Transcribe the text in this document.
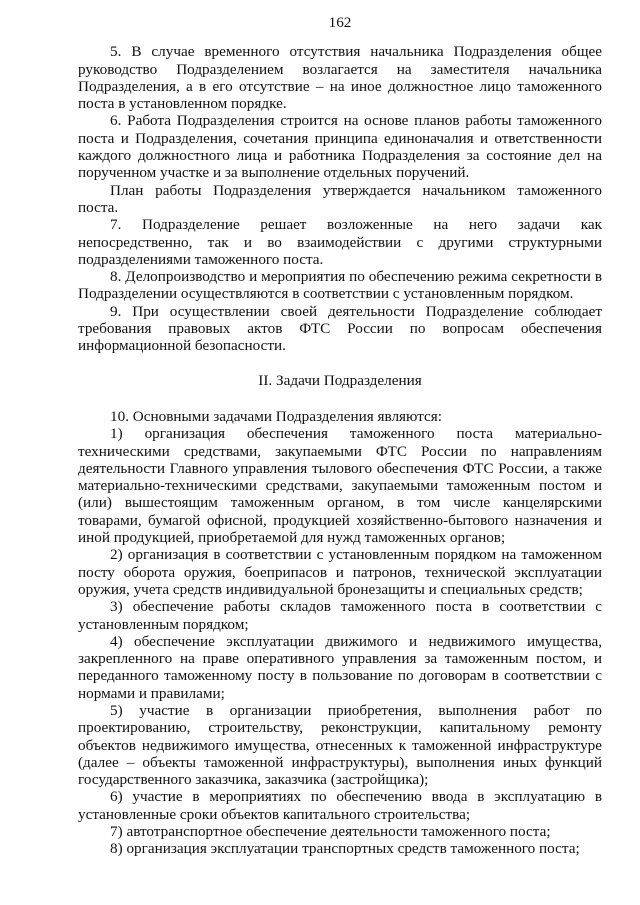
162

5. В случае временного отсутствия начальника Подразделения общее руководство Подразделением возлагается на заместителя начальника Подразделения, а в его отсутствие – на иное должностное лицо таможенного поста в установленном порядке.

6. Работа Подразделения строится на основе планов работы таможенного поста и Подразделения, сочетания принципа единоначалия и ответственности каждого должностного лица и работника Подразделения за состояние дел на порученном участке и за выполнение отдельных поручений.

План работы Подразделения утверждается начальником таможенного поста.

7. Подразделение решает возложенные на него задачи как непосредственно, так и во взаимодействии с другими структурными подразделениями таможенного поста.

8. Делопроизводство и мероприятия по обеспечению режима секретности в Подразделении осуществляются в соответствии с установленным порядком.

9. При осуществлении своей деятельности Подразделение соблюдает требования правовых актов ФТС России по вопросам обеспечения информационной безопасности.

II. Задачи Подразделения

10. Основными задачами Подразделения являются:

1) организация обеспечения таможенного поста материально-техническими средствами, закупаемыми ФТС России по направлениям деятельности Главного управления тылового обеспечения ФТС России, а также материально-техническими средствами, закупаемыми таможенным постом и (или) вышестоящим таможенным органом, в том числе канцелярскими товарами, бумагой офисной, продукцией хозяйственно-бытового назначения и иной продукцией, приобретаемой для нужд таможенных органов;

2) организация в соответствии с установленным порядком на таможенном посту оборота оружия, боеприпасов и патронов, технической эксплуатации оружия, учета средств индивидуальной бронезащиты и специальных средств;

3) обеспечение работы складов таможенного поста в соответствии с установленным порядком;

4) обеспечение эксплуатации движимого и недвижимого имущества, закрепленного на праве оперативного управления за таможенным постом, и переданного таможенному посту в пользование по договорам в соответствии с нормами и правилами;

5) участие в организации приобретения, выполнения работ по проектированию, строительству, реконструкции, капитальному ремонту объектов недвижимого имущества, отнесенных к таможенной инфраструктуре (далее – объекты таможенной инфраструктуры), выполнения иных функций государственного заказчика, заказчика (застройщика);

6) участие в мероприятиях по обеспечению ввода в эксплуатацию в установленные сроки объектов капитального строительства;

7) автотранспортное обеспечение деятельности таможенного поста;

8) организация эксплуатации транспортных средств таможенного поста;
